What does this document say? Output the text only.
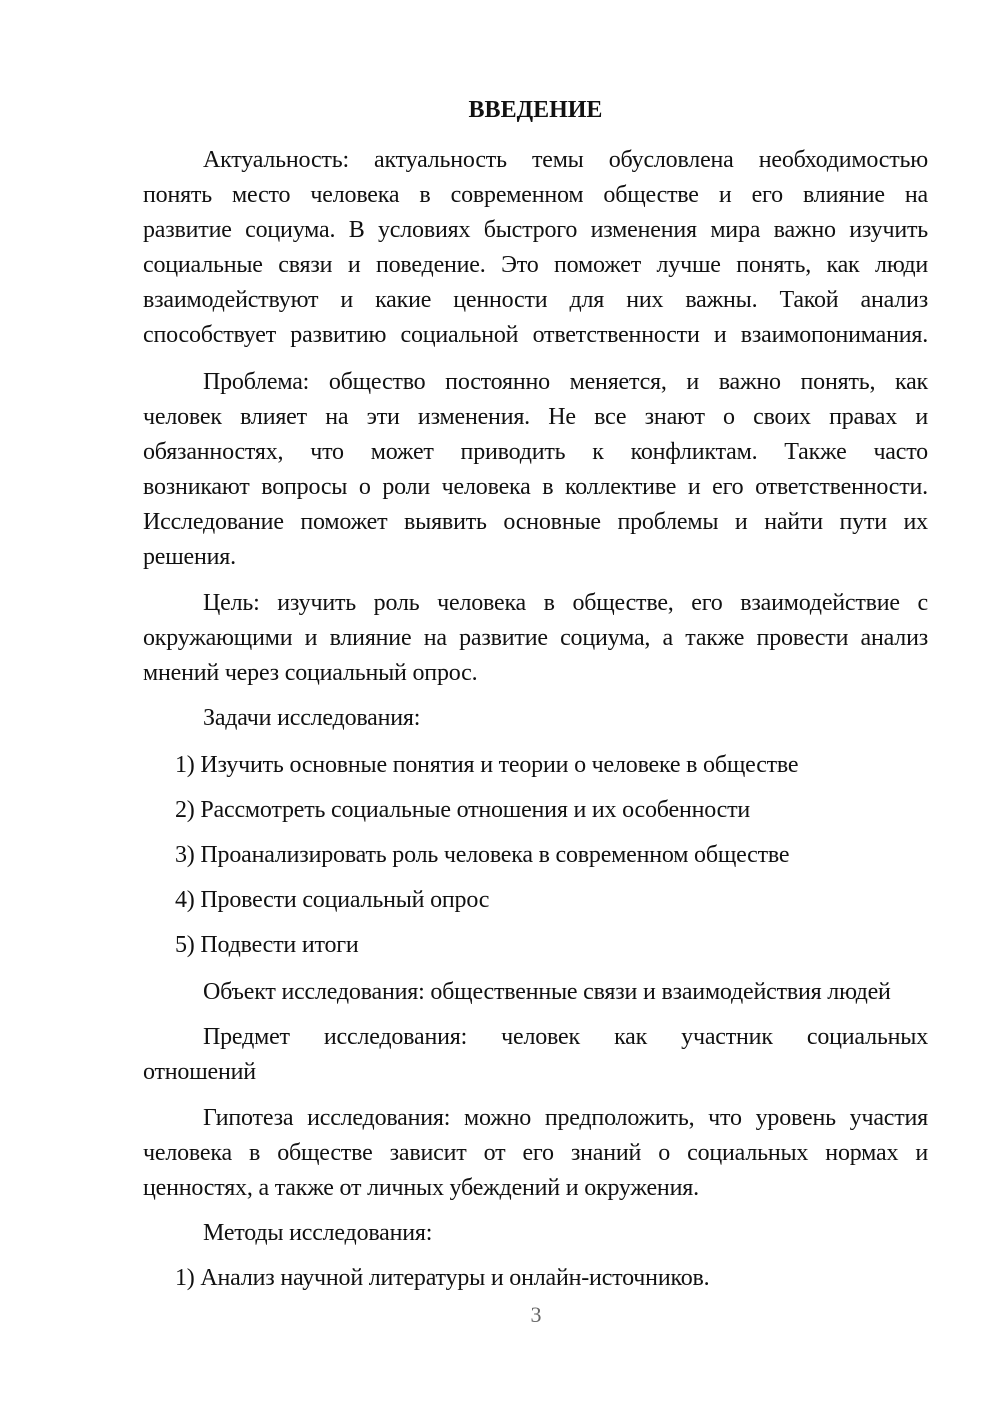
ВВЕДЕНИЕ
Актуальность: актуальность темы обусловлена необходимостью
понять место человека в современном обществе и его влияние на
развитие социума. В условиях быстрого изменения мира важно изучить
социальные связи и поведение. Это поможет лучше понять, как люди
взаимодействуют и какие ценности для них важны. Такой анализ
способствует развитию социальной ответственности и взаимопонимания.
Проблема: общество постоянно меняется, и важно понять, как
человек влияет на эти изменения. Не все знают о своих правах и
обязанностях, что может приводить к конфликтам. Также часто
возникают вопросы о роли человека в коллективе и его ответственности.
Исследование поможет выявить основные проблемы и найти пути их
решения.
Цель: изучить роль человека в обществе, его взаимодействие с
окружающими и влияние на развитие социума, а также провести анализ
мнений через социальный опрос.
Задачи исследования:
1) Изучить основные понятия и теории о человеке в обществе
2) Рассмотреть социальные отношения и их особенности
3) Проанализировать роль человека в современном обществе
4) Провести социальный опрос
5) Подвести итоги
Объект исследования: общественные связи и взаимодействия людей
Предмет исследования: человек как участник социальных
отношений
Гипотеза исследования: можно предположить, что уровень участия
человека в обществе зависит от его знаний о социальных нормах и
ценностях, а также от личных убеждений и окружения.
Методы исследования:
1) Анализ научной литературы и онлайн-источников.
3
